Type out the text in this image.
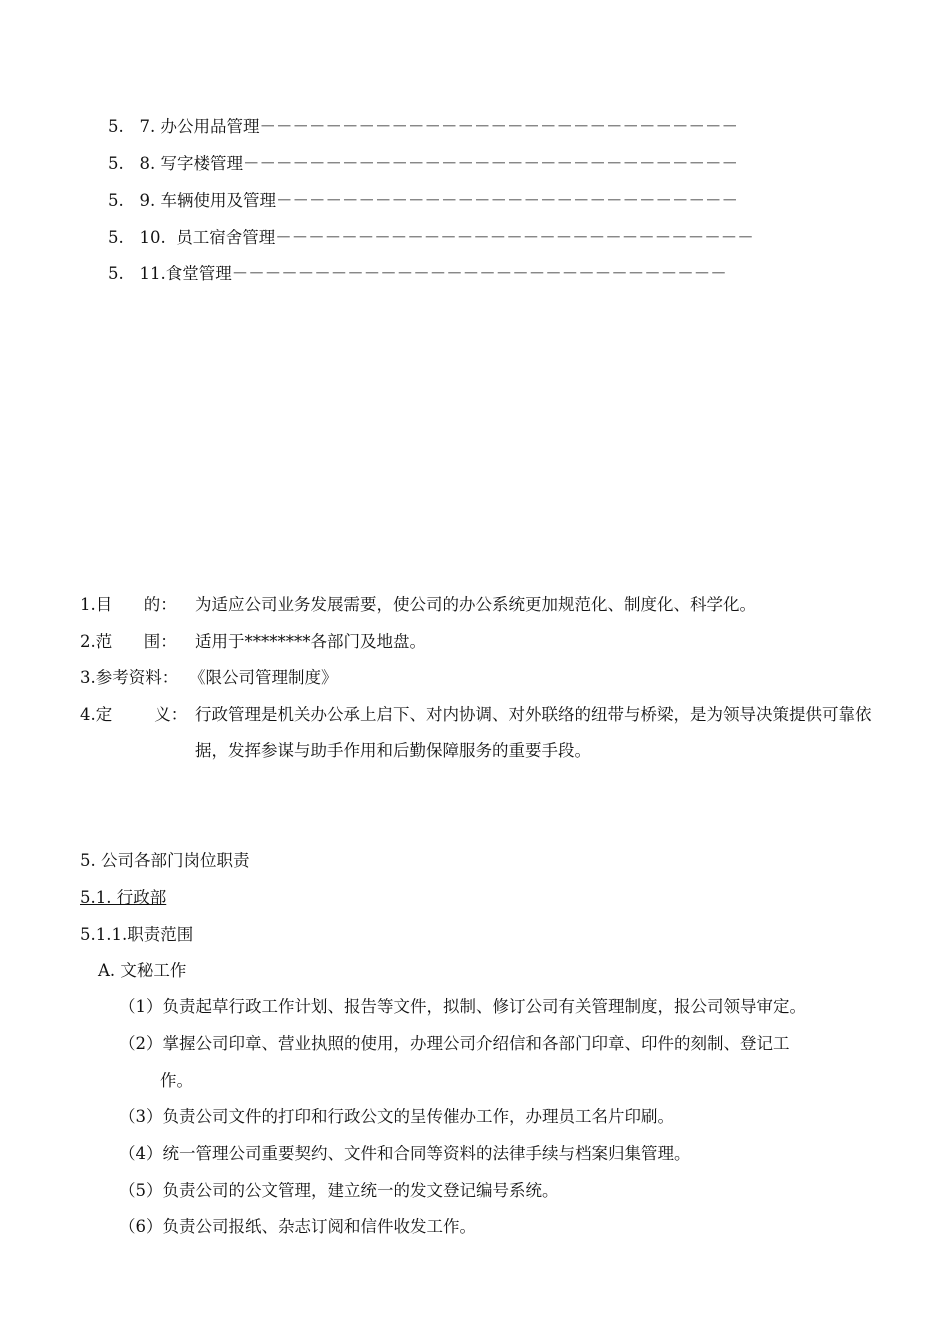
5.   7. 办公用品管理－－－－－－－－－－－－－－－－－－－－－－－－－－－－－
5.   8. 写字楼管理－－－－－－－－－－－－－－－－－－－－－－－－－－－－－－
5.   9. 车辆使用及管理－－－－－－－－－－－－－－－－－－－－－－－－－－－－
5.   10.  员工宿舍管理－－－－－－－－－－－－－－－－－－－－－－－－－－－－－
5.   11.食堂管理－－－－－－－－－－－－－－－－－－－－－－－－－－－－－－
1.目      的： 为适应公司业务发展需要，使公司的办公系统更加规范化、制度化、科学化。
2.范      围： 适用于********各部门及地盘。
3.参考资料： 《限公司管理制度》
4.定        义： 行政管理是机关办公承上启下、对内协调、对外联络的纽带与桥梁，是为领导决策提供可靠依据，发挥参谋与助手作用和后勤保障服务的重要手段。
5. 公司各部门岗位职责
5.1. 行政部
5.1.1.职责范围
A. 文秘工作
（1）负责起草行政工作计划、报告等文件，拟制、修订公司有关管理制度，报公司领导审定。
（2）掌握公司印章、营业执照的使用，办理公司介绍信和各部门印章、印件的刻制、登记工
作。
（3）负责公司文件的打印和行政公文的呈传催办工作，办理员工名片印刷。
（4）统一管理公司重要契约、文件和合同等资料的法律手续与档案归集管理。
（5）负责公司的公文管理，建立统一的发文登记编号系统。
（6）负责公司报纸、杂志订阅和信件收发工作。
